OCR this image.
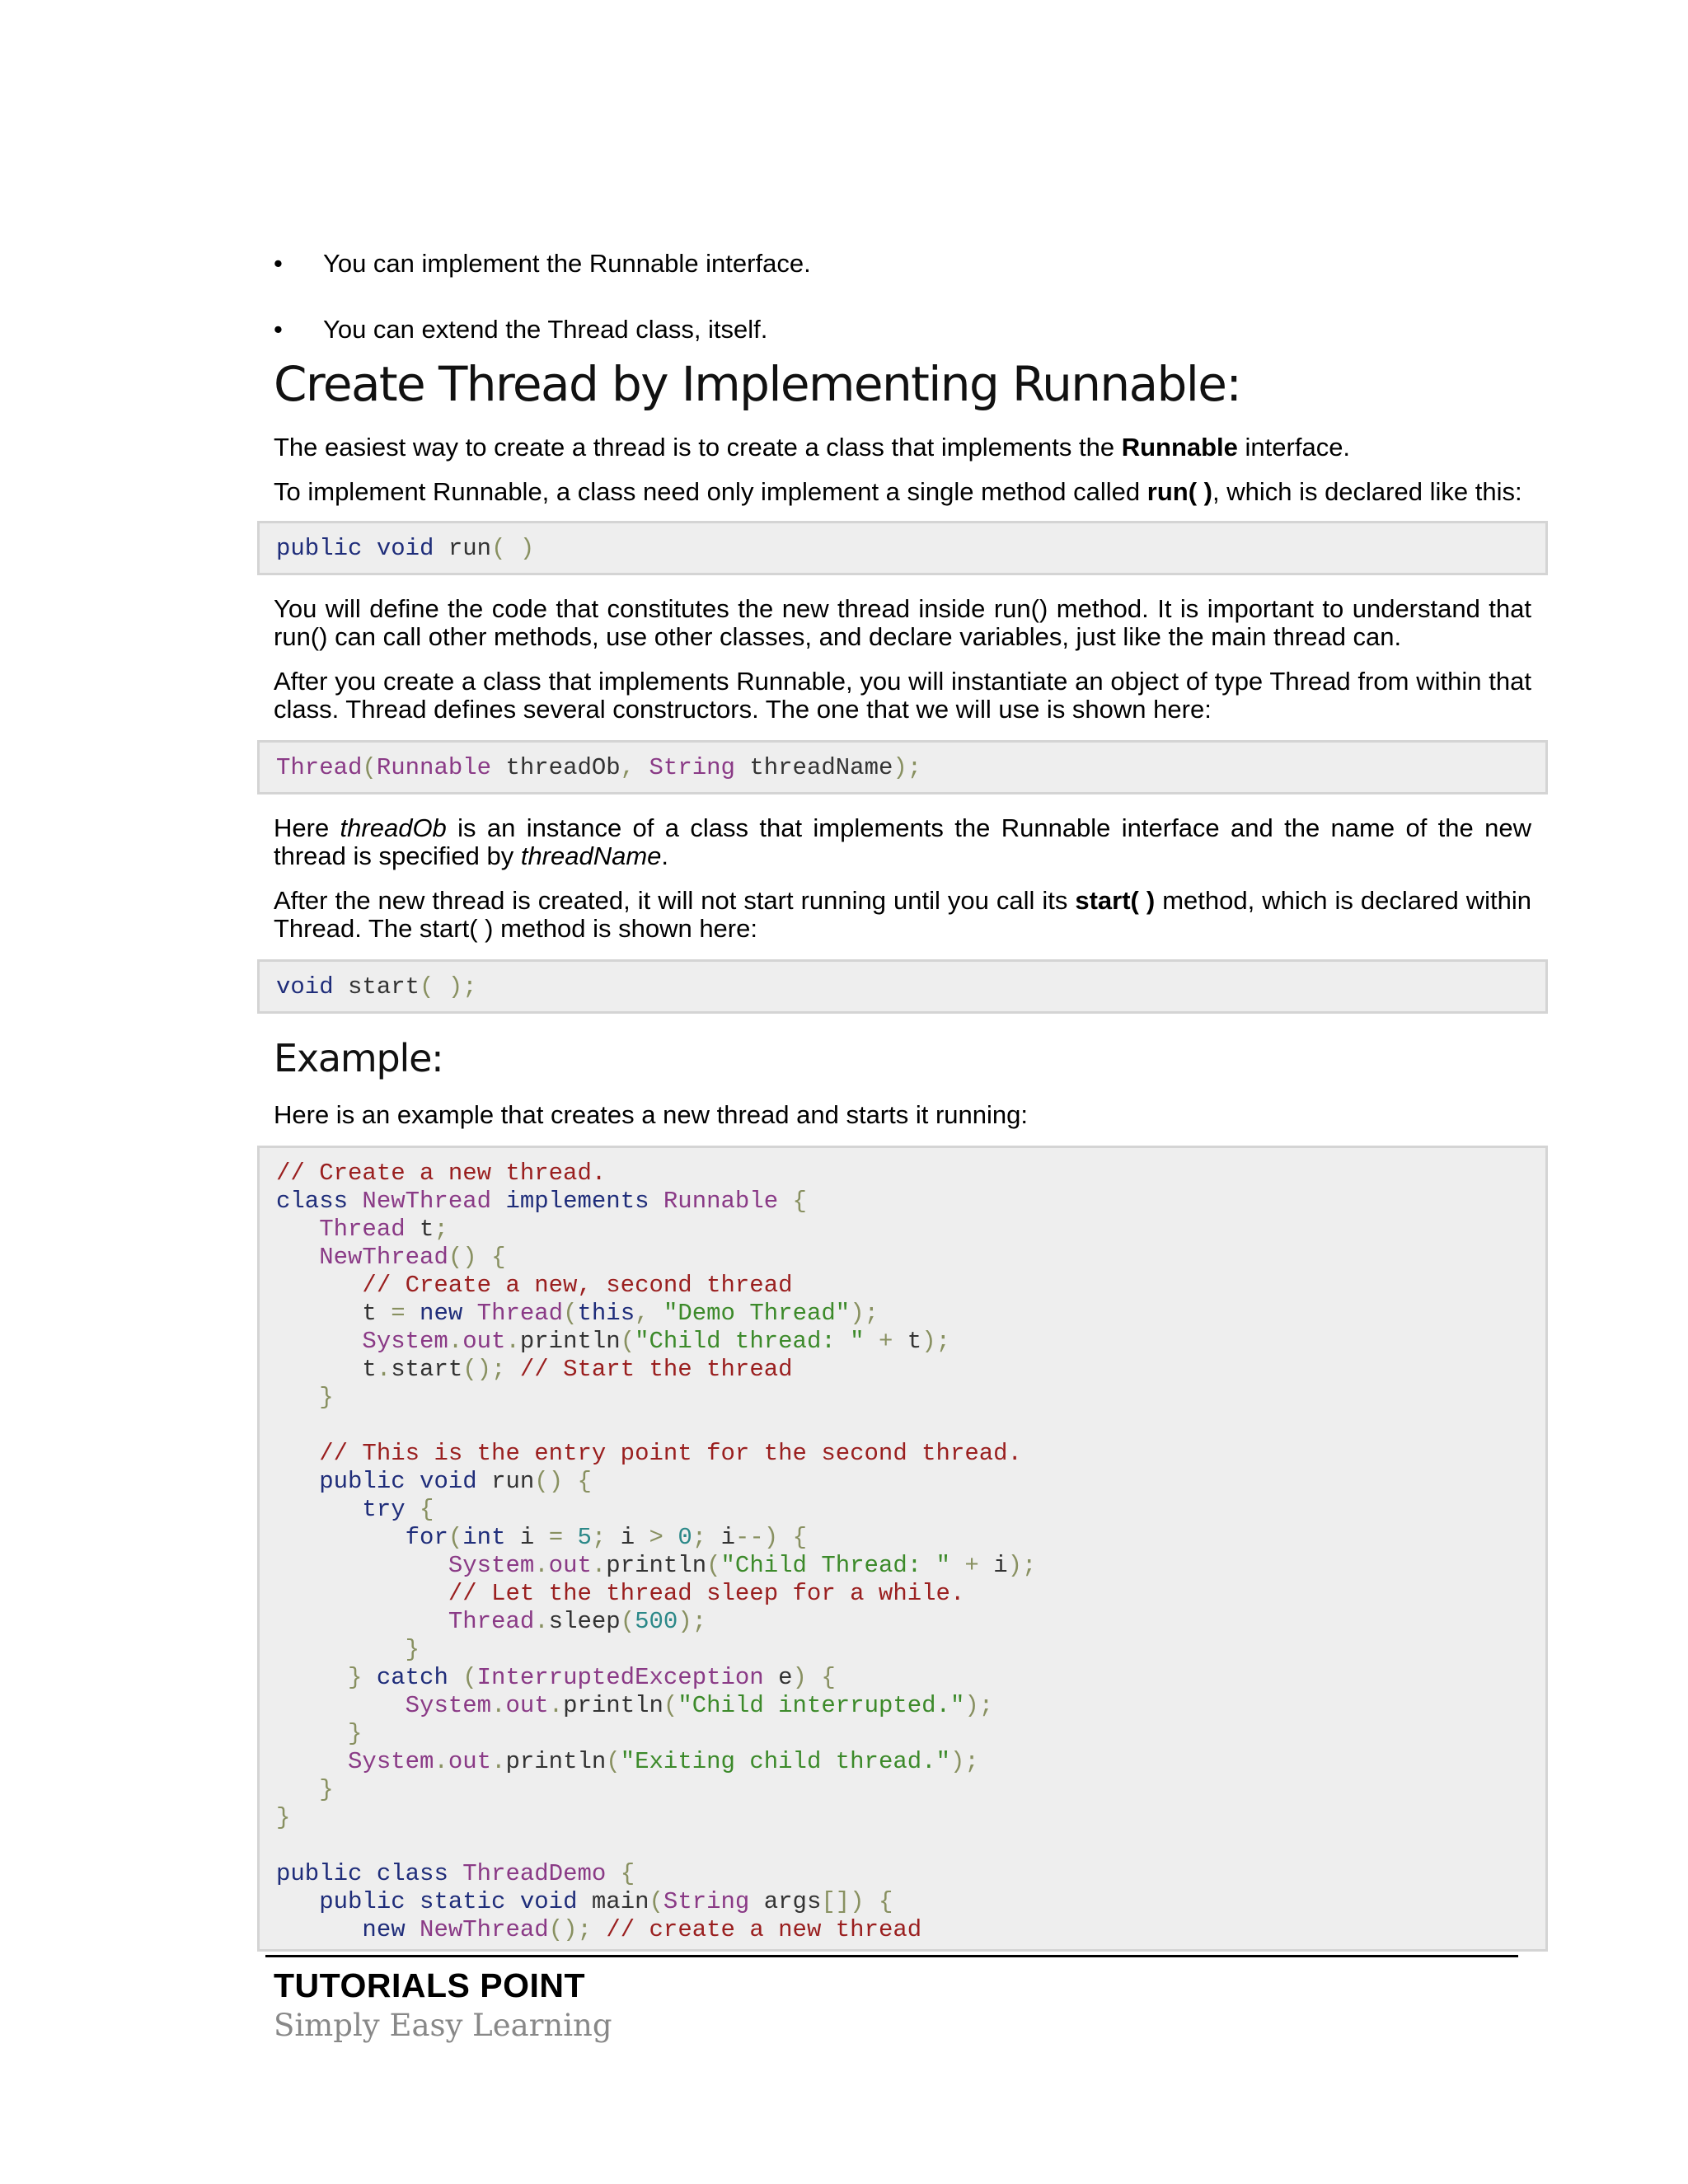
• You can implement the Runnable interface.
• You can extend the Thread class, itself.
Create Thread by Implementing Runnable:

The easiest way to create a thread is to create a class that implements the Runnable interface.

To implement Runnable, a class need only implement a single method called run( ), which is declared like this:

public void run( )

You will define the code that constitutes the new thread inside run() method. It is important to understand that run() can call other methods, use other classes, and declare variables, just like the main thread can.

After you create a class that implements Runnable, you will instantiate an object of type Thread from within that class. Thread defines several constructors. The one that we will use is shown here:

Thread(Runnable threadOb, String threadName);

Here threadOb is an instance of a class that implements the Runnable interface and the name of the new thread is specified by threadName.

After the new thread is created, it will not start running until you call its start( ) method, which is declared within Thread. The start( ) method is shown here:

void start( );
Example:

Here is an example that creates a new thread and starts it running:

// Create a new thread.
class NewThread implements Runnable {
Thread t;
NewThread() {
// Create a new, second thread
t = new Thread(this, "Demo Thread");
System.out.println("Child thread: " + t);
t.start(); // Start the thread
}
// This is the entry point for the second thread.
public void run() {
try {
for(int i = 5; i > 0; i--) {
System.out.println("Child Thread: " + i);
// Let the thread sleep for a while.
Thread.sleep(500);
}
} catch (InterruptedException e) {
System.out.println("Child interrupted.");
}
System.out.println("Exiting child thread.");
}
}
public class ThreadDemo {
public static void main(String args[]) {
new NewThread(); // create a new thread
TUTORIALS POINT
Simply Easy Learning
